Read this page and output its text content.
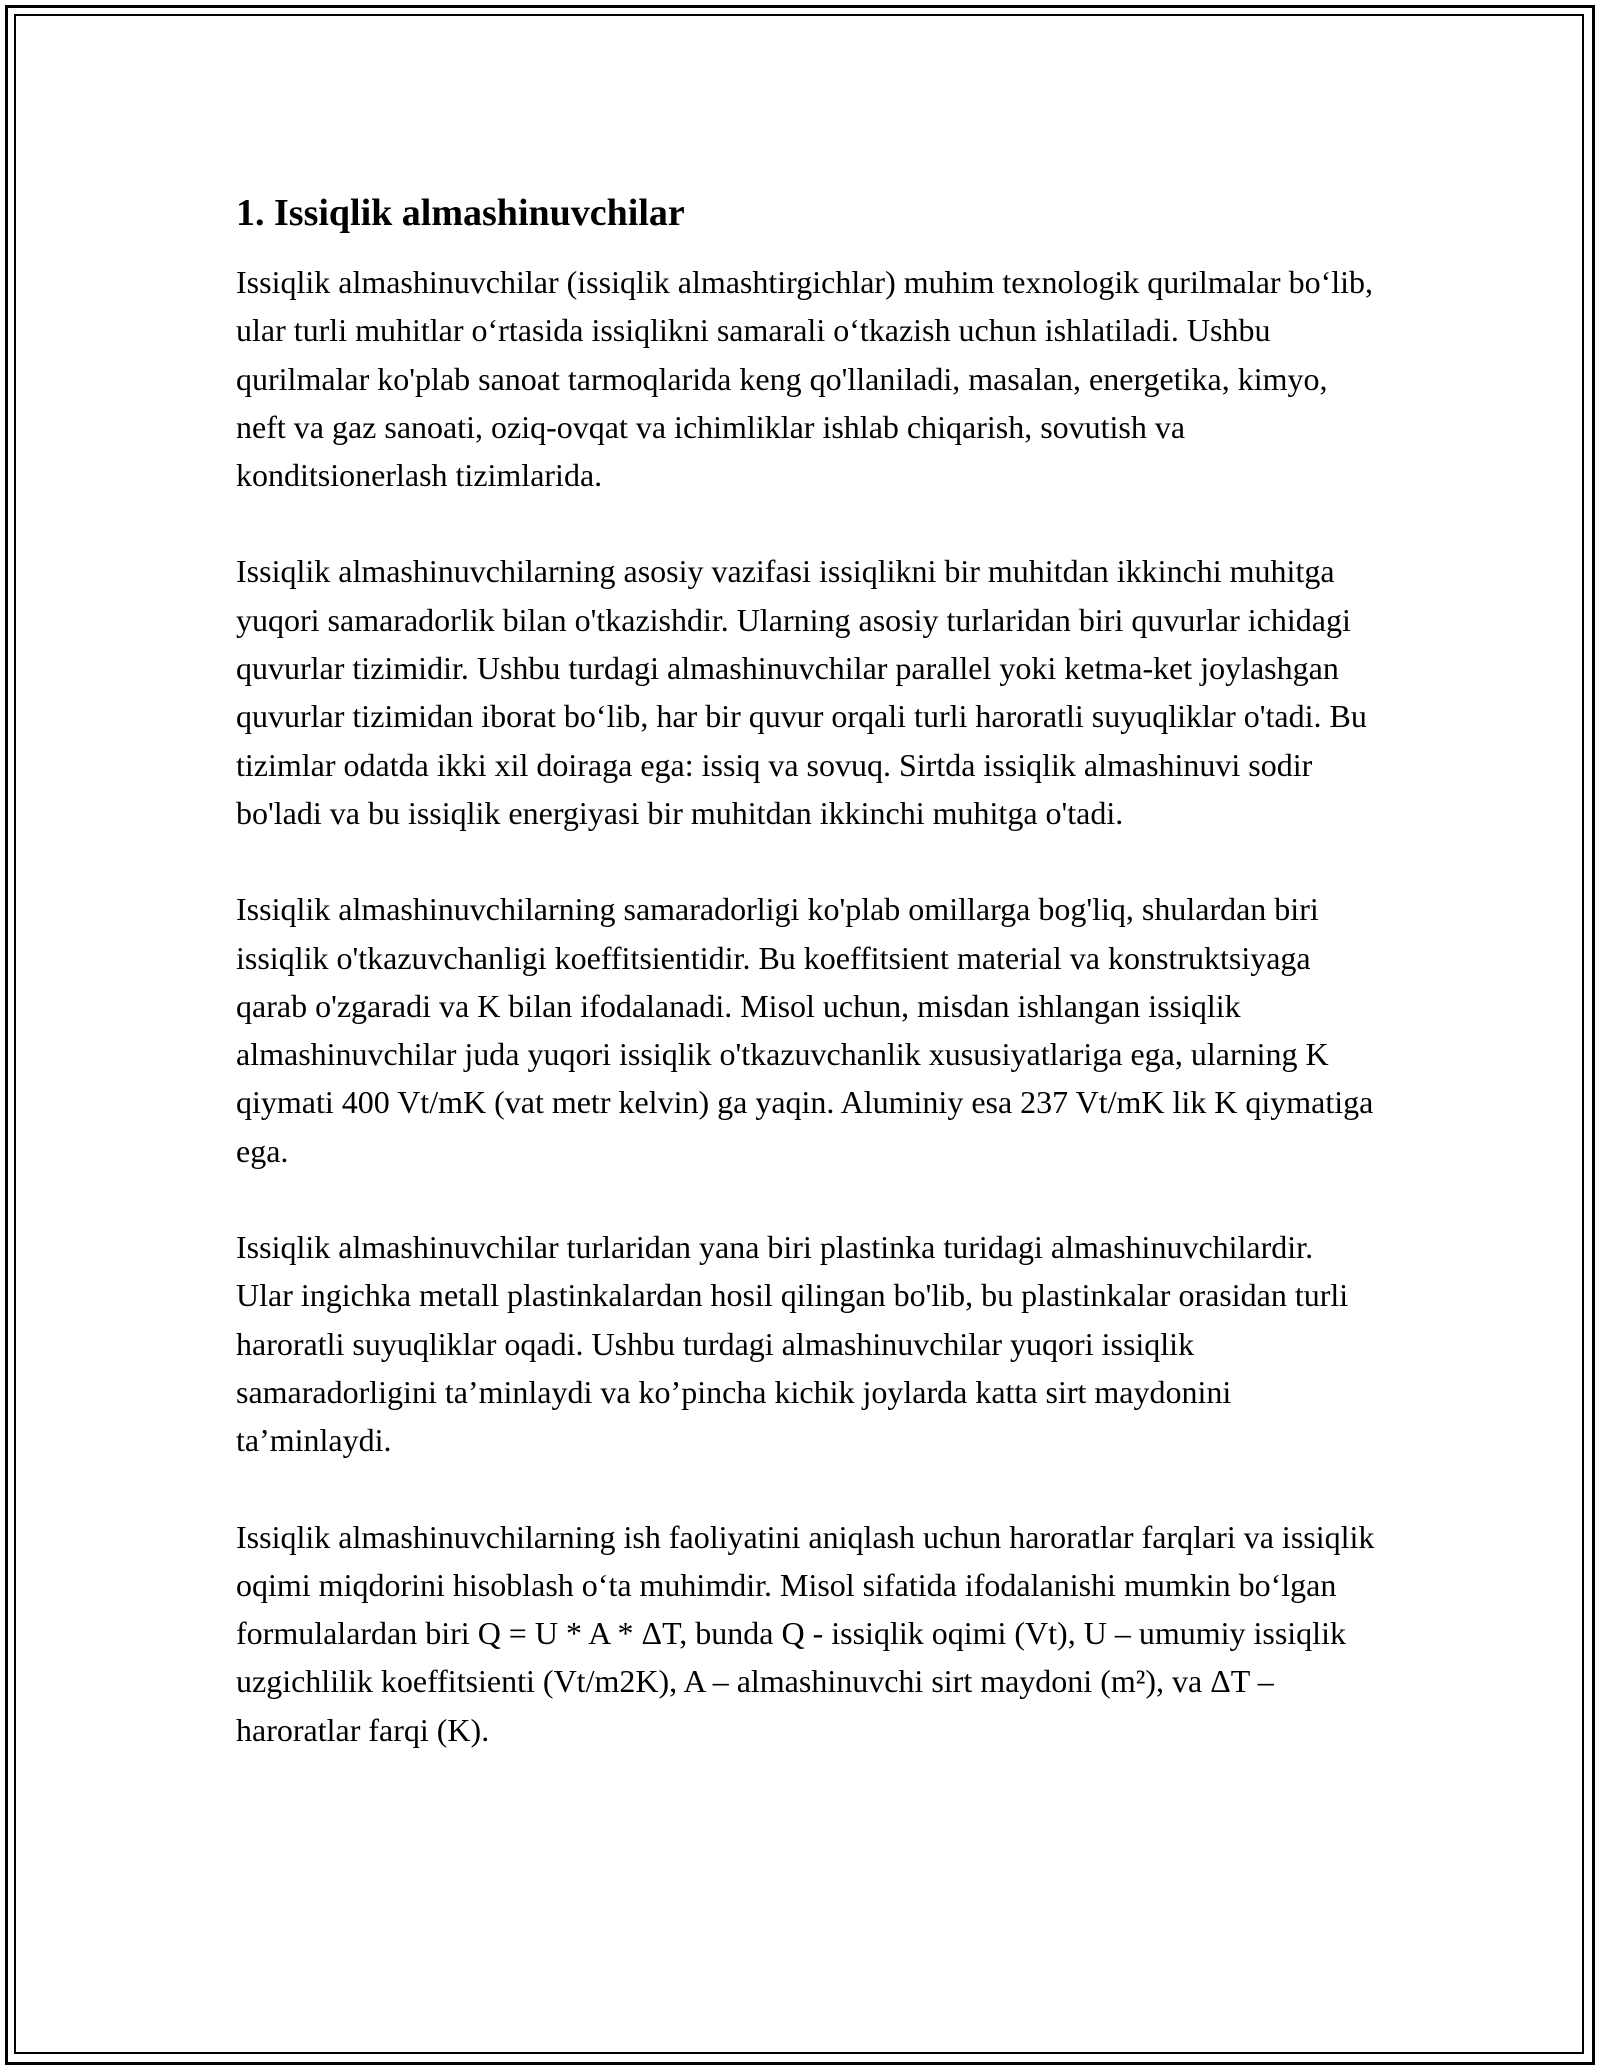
1. Issiqlik almashinuvchilar

Issiqlik almashinuvchilar (issiqlik almashtirgichlar) muhim texnologik qurilmalar bo‘lib, ular turli muhitlar o‘rtasida issiqlikni samarali o‘tkazish uchun ishlatiladi. Ushbu qurilmalar ko'plab sanoat tarmoqlarida keng qo'llaniladi, masalan, energetika, kimyo, neft va gaz sanoati, oziq-ovqat va ichimliklar ishlab chiqarish, sovutish va konditsionerlash tizimlarida.

Issiqlik almashinuvchilarning asosiy vazifasi issiqlikni bir muhitdan ikkinchi muhitga yuqori samaradorlik bilan o'tkazishdir. Ularning asosiy turlaridan biri quvurlar ichidagi quvurlar tizimidir. Ushbu turdagi almashinuvchilar parallel yoki ketma-ket joylashgan quvurlar tizimidan iborat bo‘lib, har bir quvur orqali turli haroratli suyuqliklar o'tadi. Bu tizimlar odatda ikki xil doiraga ega: issiq va sovuq. Sirtda issiqlik almashinuvi sodir bo'ladi va bu issiqlik energiyasi bir muhitdan ikkinchi muhitga o'tadi.

Issiqlik almashinuvchilarning samaradorligi ko'plab omillarga bog'liq, shulardan biri issiqlik o'tkazuvchanligi koeffitsientidir. Bu koeffitsient material va konstruktsiyaga qarab o'zgaradi va K bilan ifodalanadi. Misol uchun, misdan ishlangan issiqlik almashinuvchilar juda yuqori issiqlik o'tkazuvchanlik xususiyatlariga ega, ularning K qiymati 400 Vt/mK (vat metr kelvin) ga yaqin. Aluminiy esa 237 Vt/mK lik K qiymatiga ega.

Issiqlik almashinuvchilar turlaridan yana biri plastinka turidagi almashinuvchilardir. Ular ingichka metall plastinkalardan hosil qilingan bo'lib, bu plastinkalar orasidan turli haroratli suyuqliklar oqadi. Ushbu turdagi almashinuvchilar yuqori issiqlik samaradorligini ta’minlaydi va ko’pincha kichik joylarda katta sirt maydonini ta’minlaydi.

Issiqlik almashinuvchilarning ish faoliyatini aniqlash uchun haroratlar farqlari va issiqlik oqimi miqdorini hisoblash o‘ta muhimdir. Misol sifatida ifodalanishi mumkin bo‘lgan formulalardan biri Q = U * A * ΔT, bunda Q - issiqlik oqimi (Vt), U – umumiy issiqlik uzgichlilik koeffitsienti (Vt/m2K), A – almashinuvchi sirt maydoni (m²), va ΔT – haroratlar farqi (K).
